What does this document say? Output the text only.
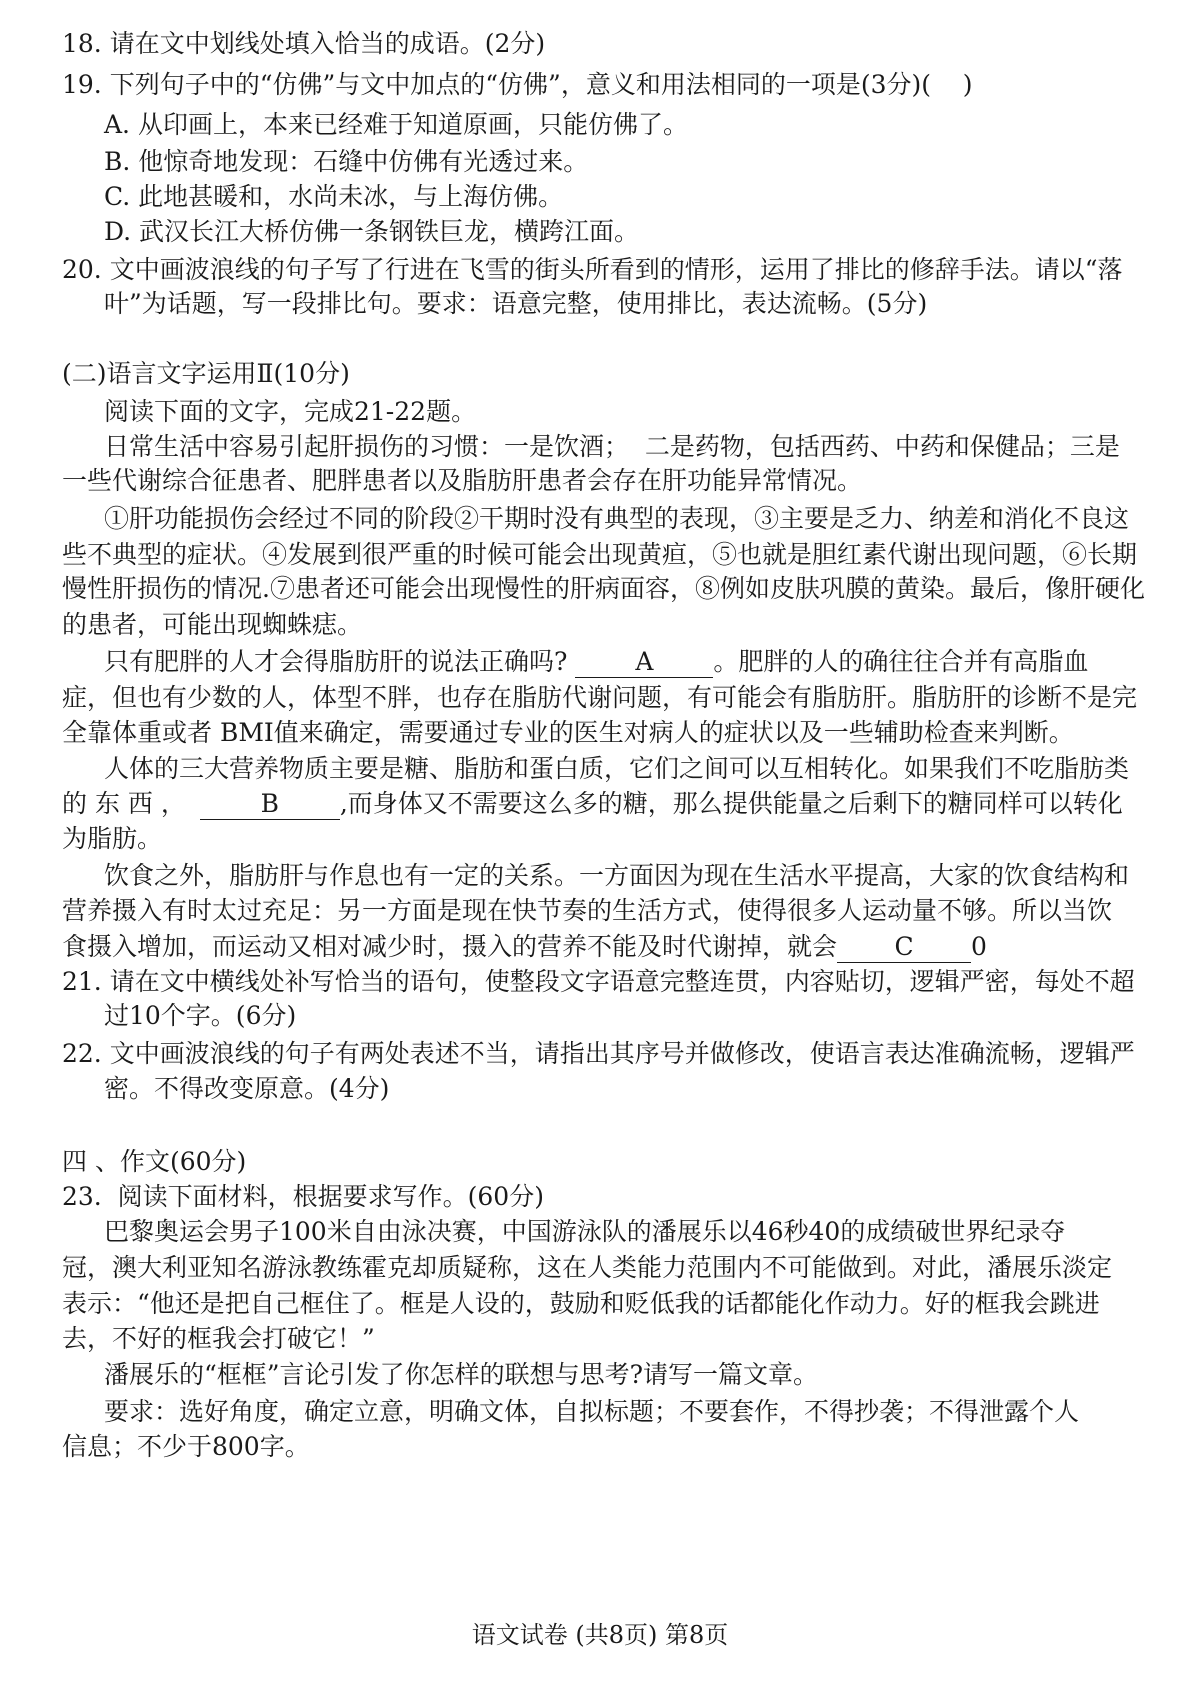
18. 请在文中划线处填入恰当的成语。(2分)
19. 下列句子中的“仿佛”与文中加点的“仿佛”，意义和用法相同的一项是(3分)(    )
A. 从印画上，本来已经难于知道原画，只能仿佛了。
B. 他惊奇地发现：石缝中仿佛有光透过来。
C. 此地甚暖和，水尚未冰，与上海仿佛。
D. 武汉长江大桥仿佛一条钢铁巨龙，横跨江面。
20. 文中画波浪线的句子写了行进在飞雪的街头所看到的情形，运用了排比的修辞手法。请以“落
叶”为话题，写一段排比句。要求：语意完整，使用排比，表达流畅。(5分)
(二)语言文字运用Ⅱ(10分)
阅读下面的文字，完成21-22题。
日常生活中容易引起肝损伤的习惯：一是饮酒；  二是药物，包括西药、中药和保健品；三是
一些代谢综合征患者、肥胖患者以及脂肪肝患者会存在肝功能异常情况。
①肝功能损伤会经过不同的阶段②干期时没有典型的表现，③主要是乏力、纳差和消化不良这
些不典型的症状。④发展到很严重的时候可能会出现黄疸，⑤也就是胆红素代谢出现问题，⑥长期
慢性肝损伤的情况.⑦患者还可能会出现慢性的肝病面容，⑧例如皮肤巩膜的黄染。最后，像肝硬化
的患者，可能出现蜘蛛痣。
只有肥胖的人才会得脂肪肝的说法正确吗?	A 。肥胖的人的确往往合并有高脂血
症，但也有少数的人，体型不胖，也存在脂肪代谢问题，有可能会有脂肪肝。脂肪肝的诊断不是完
全靠体重或者 BMI值来确定，需要通过专业的医生对病人的症状以及一些辅助检查来判断。
人体的三大营养物质主要是糖、脂肪和蛋白质，它们之间可以互相转化。如果我们不吃脂肪类
的 东 西 ，	B ,而身体又不需要这么多的糖，那么提供能量之后剩下的糖同样可以转化
为脂肪。
饮食之外，脂肪肝与作息也有一定的关系。一方面因为现在生活水平提高，大家的饮食结构和
营养摄入有时太过充足：另一方面是现在快节奏的生活方式，使得很多人运动量不够。所以当饮
食摄入增加，而运动又相对减少时，摄入的营养不能及时代谢掉，就会 C 0
21. 请在文中横线处补写恰当的语句，使整段文字语意完整连贯，内容贴切，逻辑严密，每处不超
过10个字。(6分)
22. 文中画波浪线的句子有两处表述不当，请指出其序号并做修改，使语言表达准确流畅，逻辑严
密。不得改变原意。(4分)
四 、作文(60分)
23.  阅读下面材料，根据要求写作。(60分)
巴黎奥运会男子100米自由泳决赛，中国游泳队的潘展乐以46秒40的成绩破世界纪录夺
冠，澳大利亚知名游泳教练霍克却质疑称，这在人类能力范围内不可能做到。对此，潘展乐淡定
表示：“他还是把自己框住了。框是人设的，鼓励和贬低我的话都能化作动力。好的框我会跳进
去，不好的框我会打破它！”
潘展乐的“框框”言论引发了你怎样的联想与思考?请写一篇文章。
要求：选好角度，确定立意，明确文体，自拟标题；不要套作，不得抄袭；不得泄露个人
信息；不少于800字。
语文试卷 (共8页) 第8页
